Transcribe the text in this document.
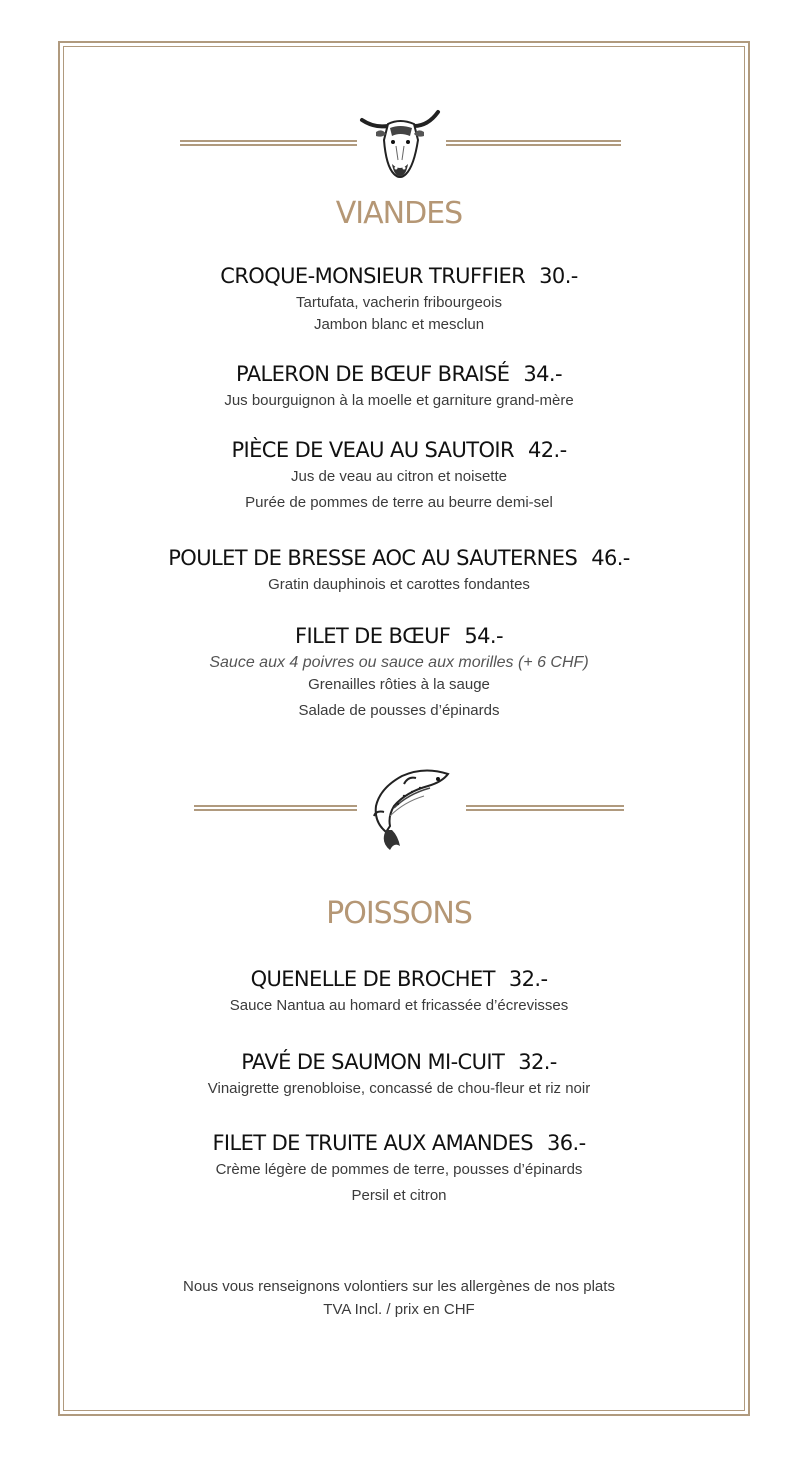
VIANDES

CROQUE-MONSIEUR TRUFFIER 30.-

Tartufata, vacherin fribourgeois

Jambon blanc et mesclun

PALERON DE BŒUF BRAISÉ 34.-

Jus bourguignon à la moelle et garniture grand-mère

PIÈCE DE VEAU AU SAUTOIR 42.-

Jus de veau au citron et noisette

Purée de pommes de terre au beurre demi-sel

POULET DE BRESSE AOC AU SAUTERNES 46.-

Gratin dauphinois et carottes fondantes

FILET DE BŒUF 54.-

Sauce aux 4 poivres ou sauce aux morilles (+ 6 CHF)

Grenailles rôties à la sauge

Salade de pousses d’épinards

POISSONS

QUENELLE DE BROCHET 32.-

Sauce Nantua au homard et fricassée d’écrevisses

PAVÉ DE SAUMON MI-CUIT 32.-

Vinaigrette grenobloise, concassé de chou-fleur et riz noir

FILET DE TRUITE AUX AMANDES 36.-

Crème légère de pommes de terre, pousses d’épinards

Persil et citron

Nous vous renseignons volontiers sur les allergènes de nos plats

TVA Incl. / prix en CHF
